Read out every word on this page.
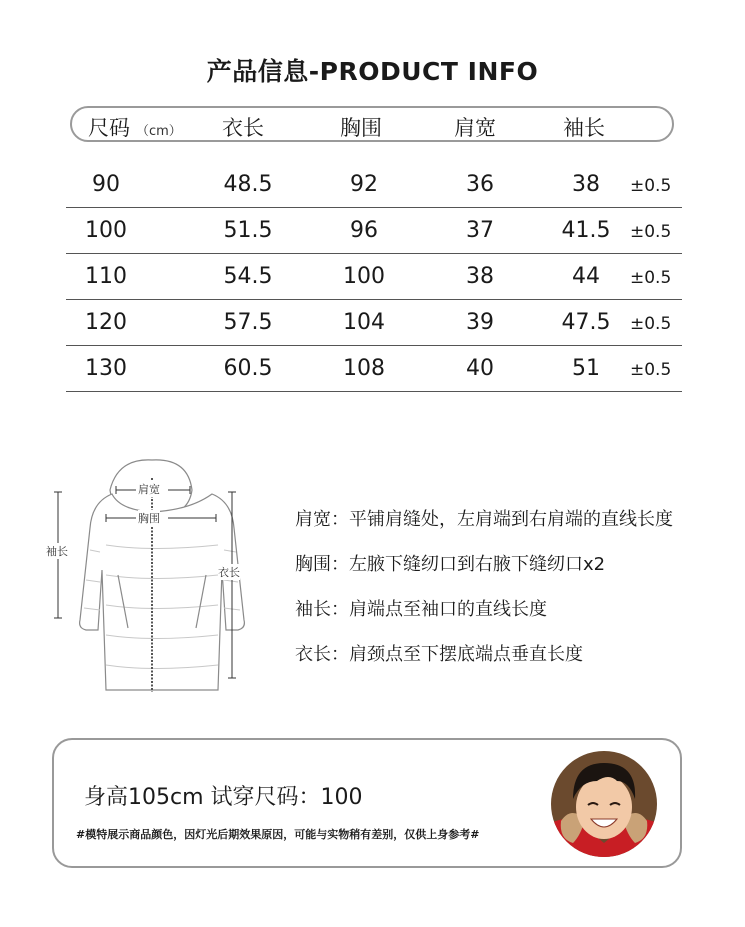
产品信息-PRODUCT INFO
尺码 （cm） 衣长	胸围	肩宽	袖长
90	48.5	92	36	38	±0.5
100	51.5	96	37	41.5	±0.5
110	54.5	100	38	44	±0.5
120	57.5	104	39	47.5	±0.5
130	60.5	108	40	51	±0.5
肩宽
胸围
袖长
衣长
肩宽：平铺肩缝处，左肩端到右肩端的直线长度
胸围：左腋下缝纫口到右腋下缝纫口x2
袖长：肩端点至袖口的直线长度
衣长：肩颈点至下摆底端点垂直长度
身高105cm 试穿尺码：100
#模特展示商品颜色，因灯光后期效果原因，可能与实物稍有差别，仅供上身参考#
